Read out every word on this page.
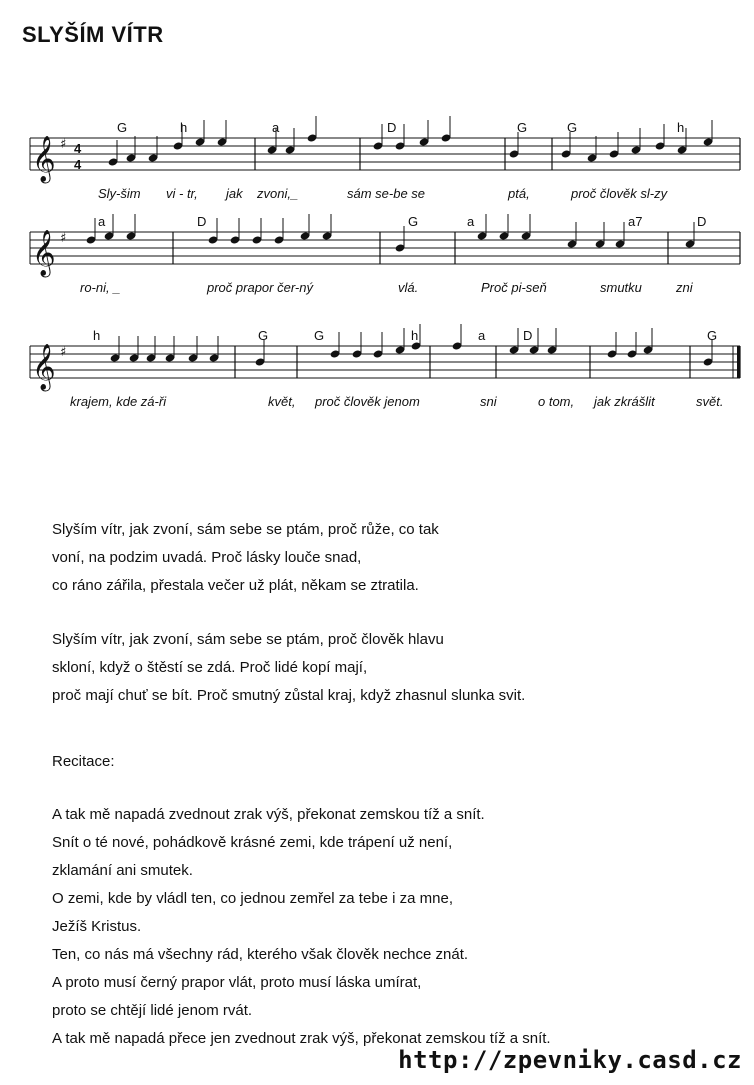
SLYŠÍM VÍTR
𝄞 ♯ 4
4
G	h	a	D	G	G	h
Sly-šim vi - tr, jak zvoni,_	sám se-be se	ptá,	proč člověk sl-zy
𝄞 ♯
a	D	G	a	a7	D
ro-ni, _	proč prapor čer-ný	vlá.	Proč pi-seň	smutku	zni
𝄞 ♯
h	G	G	h	a	D	G
krajem, kde zá-ři	květ, proč člověk jenom	sni	o tom, jak zkrášlit	svět.
Slyším vítr, jak zvoní, sám sebe se ptám, proč růže, co tak
voní, na podzim uvadá. Proč lásky louče snad,
co ráno zářila, přestala večer už plát, někam se ztratila.
Slyším vítr, jak zvoní, sám sebe se ptám, proč člověk hlavu
skloní, když o štěstí se zdá. Proč lidé kopí mají,
proč mají chuť se bít. Proč smutný zůstal kraj, když zhasnul slunka svit.
Recitace:
A tak mě napadá zvednout zrak výš, překonat zemskou tíž a snít.
Snít o té nové, pohádkově krásné zemi, kde trápení už není,
zklamání ani smutek.
O zemi, kde by vládl ten, co jednou zemřel za tebe i za mne,
Ježíš Kristus.
Ten, co nás má všechny rád, kterého však člověk nechce znát.
A proto musí černý prapor vlát, proto musí láska umírat,
proto se chtějí lidé jenom rvát.
A tak mě napadá přece jen zvednout zrak výš, překonat zemskou tíž a snít.
http://zpevniky.casd.cz
